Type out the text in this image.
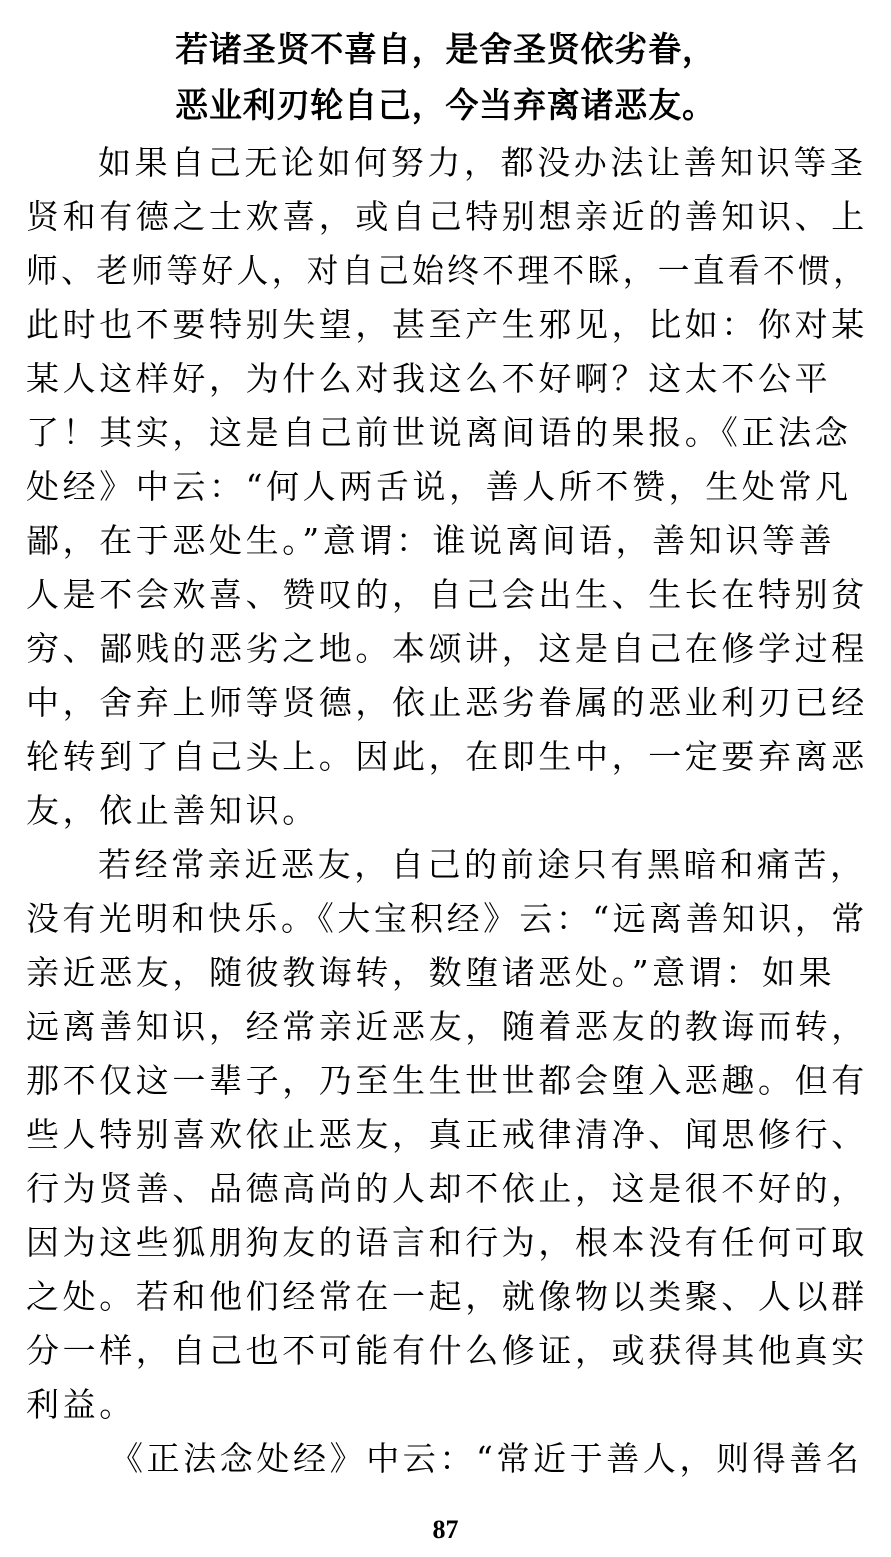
若诸圣贤不喜自，是舍圣贤依劣眷，
恶业利刃轮自己，今当弃离诸恶友。
如果自己无论如何努力，都没办法让善知识等圣
贤和有德之士欢喜，或自己特别想亲近的善知识、上
师、老师等好人，对自己始终不理不睬，一直看不惯，
此时也不要特别失望，甚至产生邪见，比如：你对某
某人这样好，为什么对我这么不好啊？这太不公平
了！其实，这是自己前世说离间语的果报。《正法念
处经》中云：“何人两舌说，善人所不赞，生处常凡
鄙，在于恶处生。”意谓：谁说离间语，善知识等善
人是不会欢喜、赞叹的，自己会出生、生长在特别贫
穷、鄙贱的恶劣之地。本颂讲，这是自己在修学过程
中，舍弃上师等贤德，依止恶劣眷属的恶业利刃已经
轮转到了自己头上。因此，在即生中，一定要弃离恶
友，依止善知识。
若经常亲近恶友，自己的前途只有黑暗和痛苦，
没有光明和快乐。《大宝积经》云：“远离善知识，常
亲近恶友，随彼教诲转，数堕诸恶处。”意谓：如果
远离善知识，经常亲近恶友，随着恶友的教诲而转，
那不仅这一辈子，乃至生生世世都会堕入恶趣。但有
些人特别喜欢依止恶友，真正戒律清净、闻思修行、
行为贤善、品德高尚的人却不依止，这是很不好的，
因为这些狐朋狗友的语言和行为，根本没有任何可取
之处。若和他们经常在一起，就像物以类聚、人以群
分一样，自己也不可能有什么修证，或获得其他真实
利益。
《正法念处经》中云：“常近于善人，则得善名
87
